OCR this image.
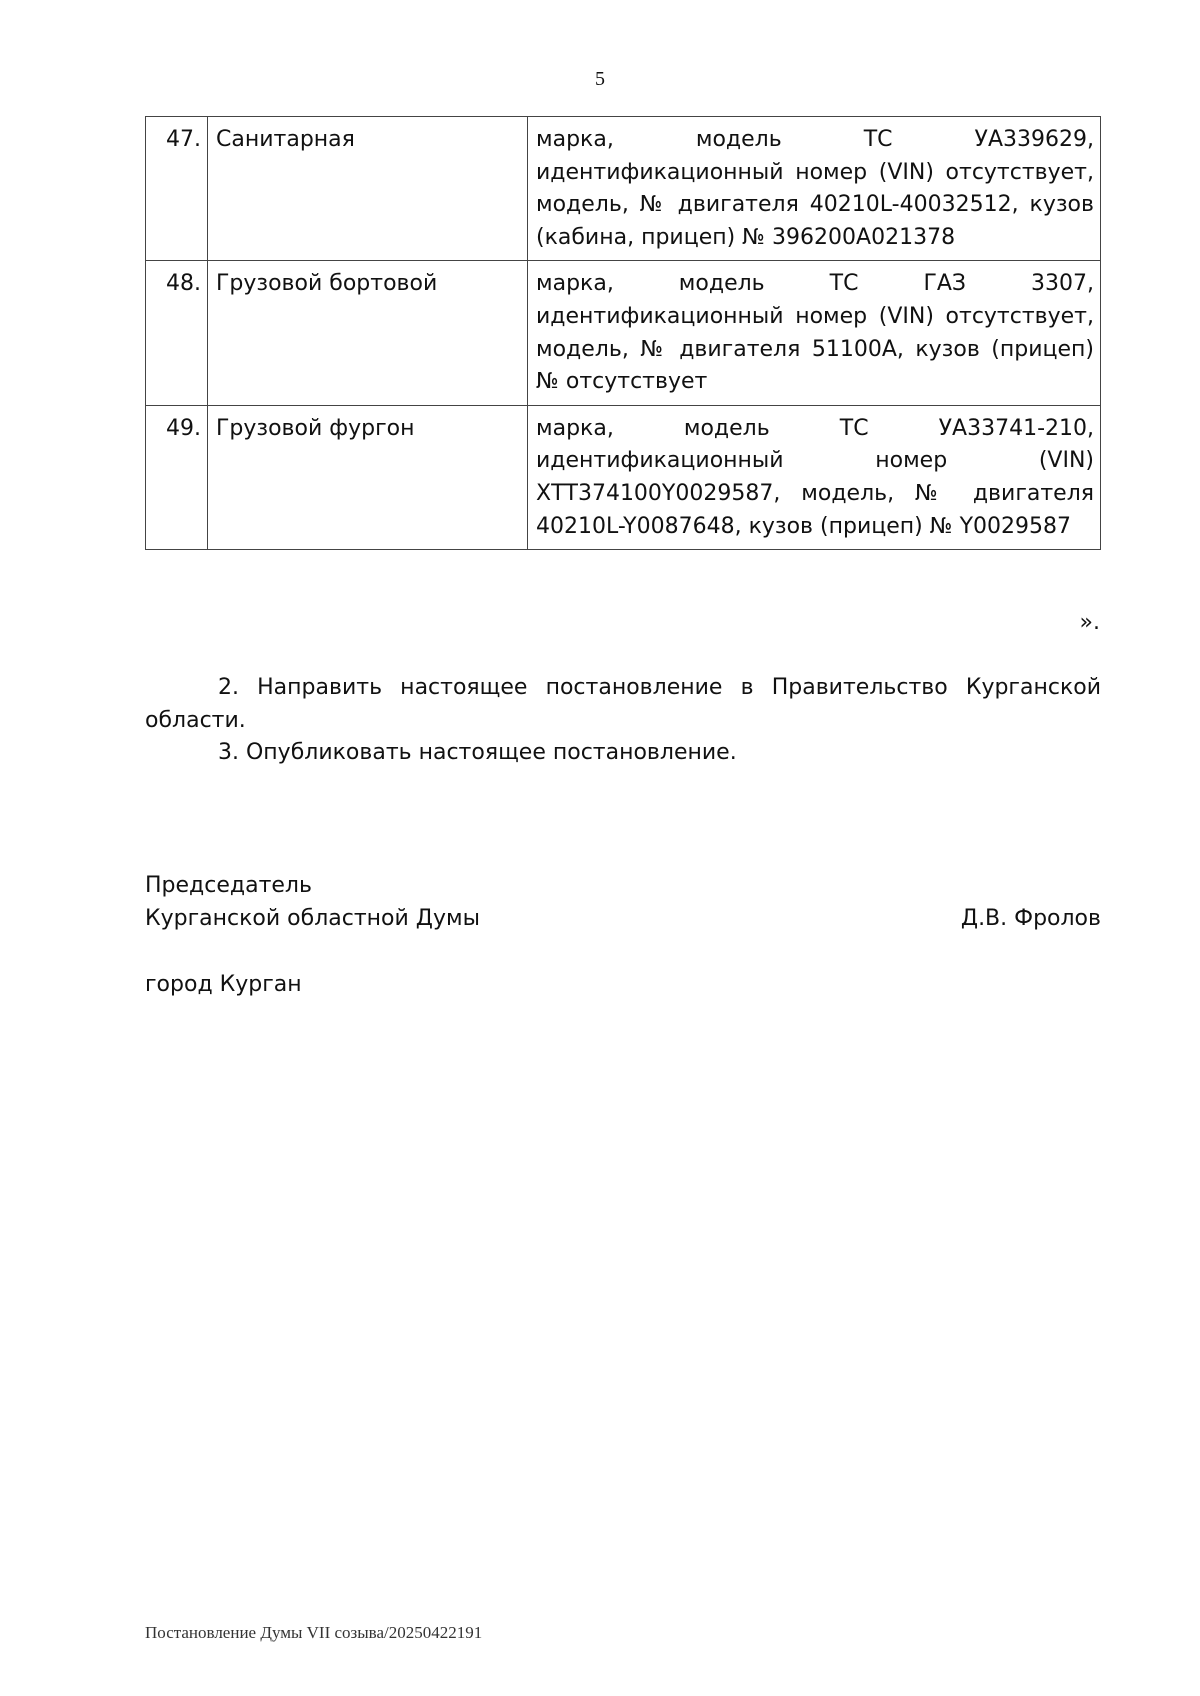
5
47.	Санитарная	марка, модель ТС УА339629, идентификационный номер (VIN) отсутствует, модель, № двигателя 40210L-40032512, кузов (кабина, прицеп) № 396200А021378
48.	Грузовой бортовой	марка, модель ТС ГАЗ 3307, идентификационный номер (VIN) отсутствует, модель, № двигателя 51100А, кузов (прицеп) № отсутствует
49.	Грузовой фургон	марка, модель ТС УА33741-210, идентификационный номер (VIN) ХТТ374100Y0029587, модель, № двигателя 40210L-Y0087648, кузов (прицеп) № Y0029587
».
2. Направить настоящее постановление в Правительство Курганской области.
3. Опубликовать настоящее постановление.
Председатель
Курганской областной Думы	Д.В. Фролов
город Курган
Постановление Думы VII созыва/20250422191
